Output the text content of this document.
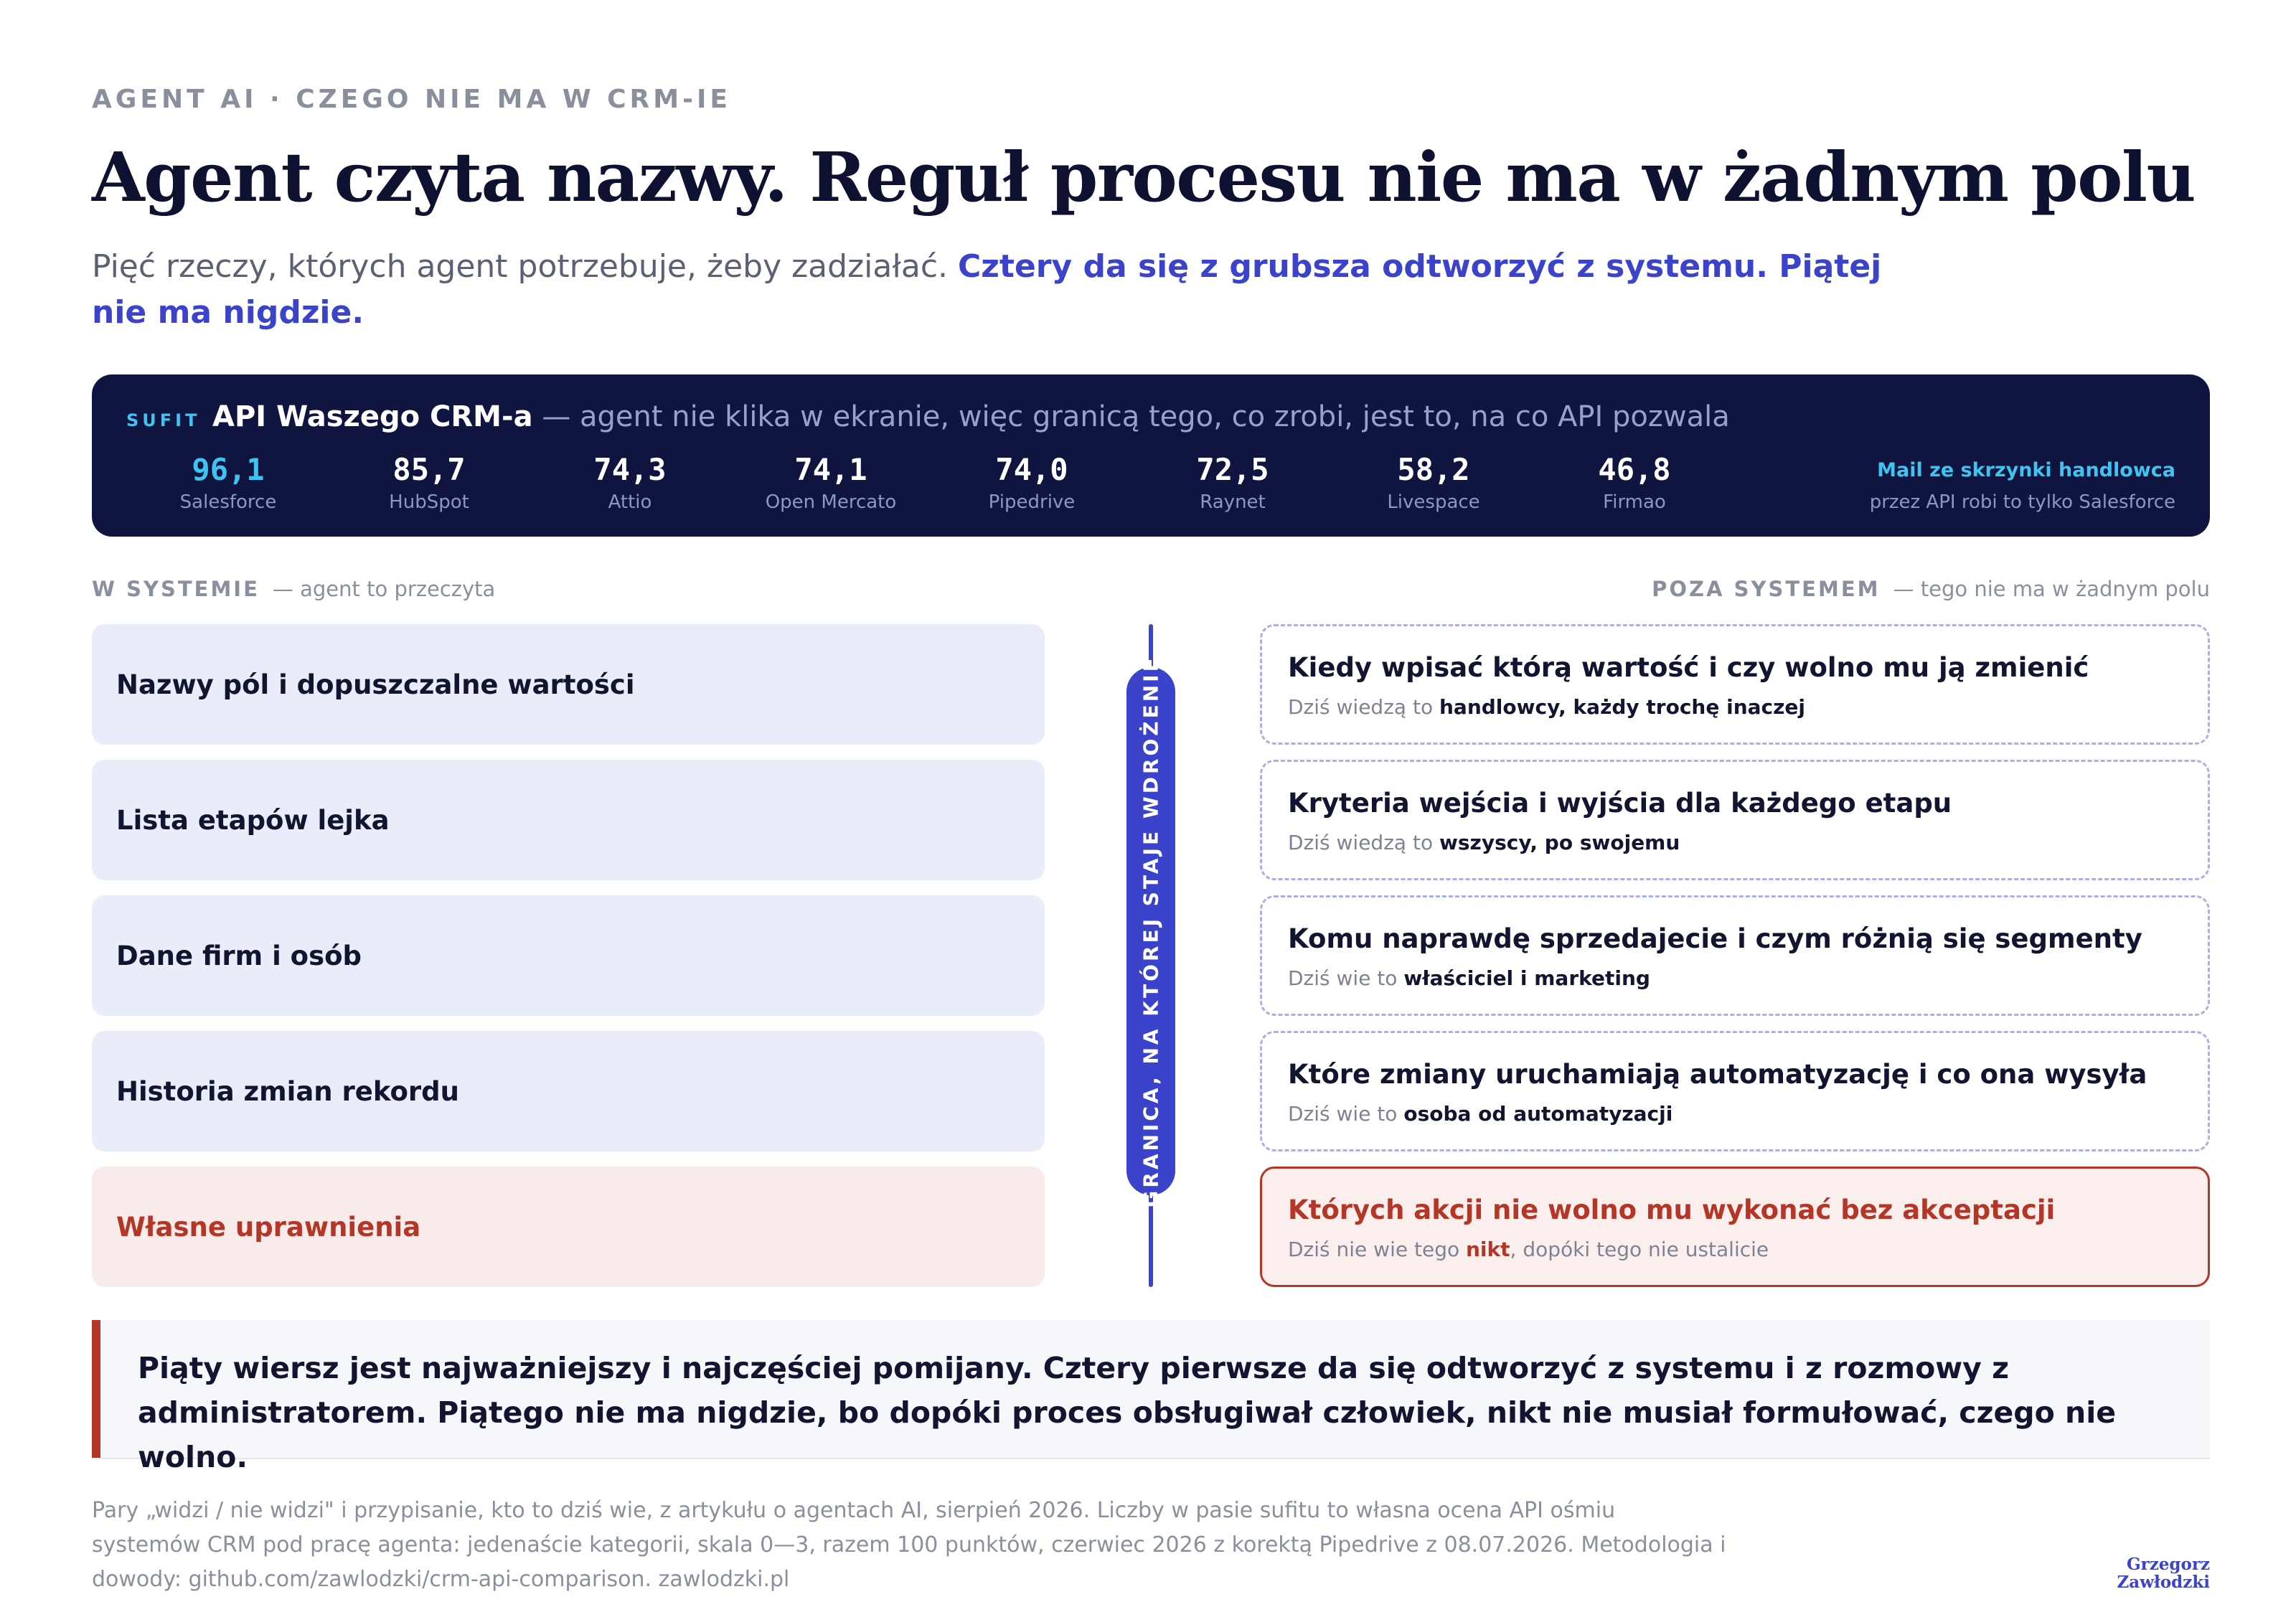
AGENT AI · CZEGO NIE MA W CRM-IE
Agent czyta nazwy. Reguł procesu nie ma w żadnym polu
Pięć rzeczy, których agent potrzebuje, żeby zadziałać. Cztery da się z grubsza odtworzyć z systemu. Piątej nie ma nigdzie.
SUFIT API Waszego CRM-a — agent nie klika w ekranie, więc granicą tego, co zrobi, jest to, na co API pozwala
96,1
Salesforce
85,7
HubSpot
74,3
Attio
74,1
Open Mercato
74,0
Pipedrive
72,5
Raynet
58,2
Livespace
46,8
Firmao
Mail ze skrzynki handlowca
przez API robi to tylko Salesforce
W SYSTEMIE — agent to przeczyta	POZA SYSTEMEM — tego nie ma w żadnym polu
Nazwy pól i dopuszczalne wartości
Lista etapów lejka
Dane firm i osób
Historia zmian rekordu
Własne uprawnienia
GRANICA, NA KTÓREJ STAJE WDROŻENIE	Kiedy wpisać którą wartość i czy wolno mu ją zmienić
Dziś wiedzą to handlowcy, każdy trochę inaczej
Kryteria wejścia i wyjścia dla każdego etapu
Dziś wiedzą to wszyscy, po swojemu
Komu naprawdę sprzedajecie i czym różnią się segmenty
Dziś wie to właściciel i marketing
Które zmiany uruchamiają automatyzację i co ona wysyła
Dziś wie to osoba od automatyzacji
Których akcji nie wolno mu wykonać bez akceptacji
Dziś nie wie tego nikt, dopóki tego nie ustalicie
Piąty wiersz jest najważniejszy i najczęściej pomijany. Cztery pierwsze da się odtworzyć z systemu i z rozmowy z administratorem. Piątego nie ma nigdzie, bo dopóki proces obsługiwał człowiek, nikt nie musiał formułować, czego nie wolno.
Pary „widzi / nie widzi" i przypisanie, kto to dziś wie, z artykułu o agentach AI, sierpień 2026. Liczby w pasie sufitu to własna ocena API ośmiu systemów CRM pod pracę agenta: jedenaście kategorii, skala 0—3, razem 100 punktów, czerwiec 2026 z korektą Pipedrive z 08.07.2026. Metodologia i dowody: github.com/zawlodzki/crm-api-comparison. zawlodzki.pl
Grzegorz
Zawłodzki
